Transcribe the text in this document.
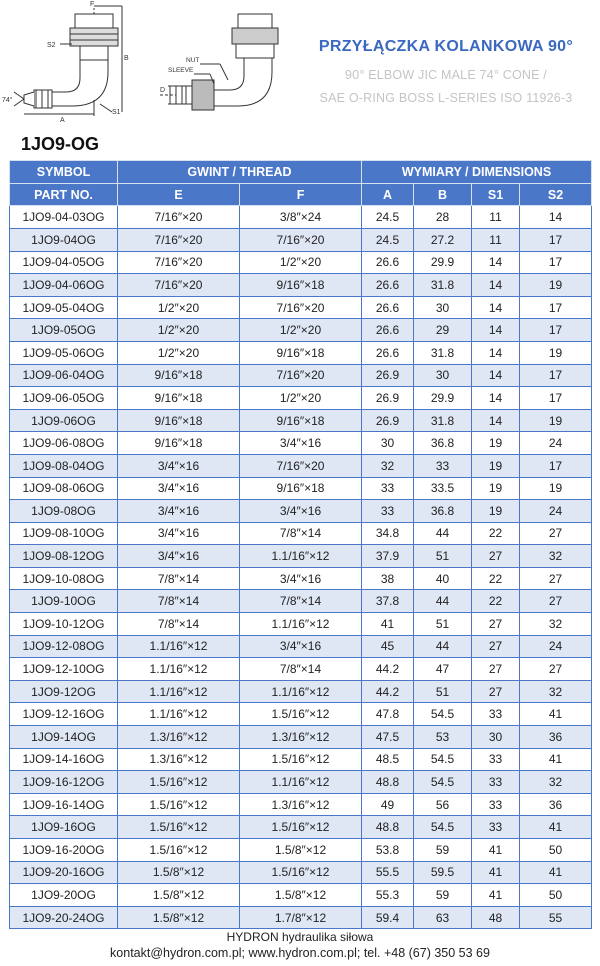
F
S2
B
A
S1
74°
NUT
SLEEVE
D
PRZYŁĄCZKA KOLANKOWA 90°
90° ELBOW JIC MALE 74° CONE /
SAE O-RING BOSS L-SERIES ISO 11926-3
1JO9-OG
SYMBOL	GWINT / THREAD		WYMIARY / DIMENSIONS			
PART NO.	E	F	A	B	S1	S2
1JO9-04-03OG	7/16″×20	3/8″×24	24.5	28	11	14
1JO9-04OG	7/16″×20	7/16″×20	24.5	27.2	11	17
1JO9-04-05OG	7/16″×20	1/2″×20	26.6	29.9	14	17
1JO9-04-06OG	7/16″×20	9/16″×18	26.6	31.8	14	19
1JO9-05-04OG	1/2″×20	7/16″×20	26.6	30	14	17
1JO9-05OG	1/2″×20	1/2″×20	26.6	29	14	17
1JO9-05-06OG	1/2″×20	9/16″×18	26.6	31.8	14	19
1JO9-06-04OG	9/16″×18	7/16″×20	26.9	30	14	17
1JO9-06-05OG	9/16″×18	1/2″×20	26.9	29.9	14	17
1JO9-06OG	9/16″×18	9/16″×18	26.9	31.8	14	19
1JO9-06-08OG	9/16″×18	3/4″×16	30	36.8	19	24
1JO9-08-04OG	3/4″×16	7/16″×20	32	33	19	17
1JO9-08-06OG	3/4″×16	9/16″×18	33	33.5	19	19
1JO9-08OG	3/4″×16	3/4″×16	33	36.8	19	24
1JO9-08-10OG	3/4″×16	7/8″×14	34.8	44	22	27
1JO9-08-12OG	3/4″×16	1.1/16″×12	37.9	51	27	32
1JO9-10-08OG	7/8″×14	3/4″×16	38	40	22	27
1JO9-10OG	7/8″×14	7/8″×14	37.8	44	22	27
1JO9-10-12OG	7/8″×14	1.1/16″×12	41	51	27	32
1JO9-12-08OG	1.1/16″×12	3/4″×16	45	44	27	24
1JO9-12-10OG	1.1/16″×12	7/8″×14	44.2	47	27	27
1JO9-12OG	1.1/16″×12	1.1/16″×12	44.2	51	27	32
1JO9-12-16OG	1.1/16″×12	1.5/16″×12	47.8	54.5	33	41
1JO9-14OG	1.3/16″×12	1.3/16″×12	47.5	53	30	36
1JO9-14-16OG	1.3/16″×12	1.5/16″×12	48.5	54.5	33	41
1JO9-16-12OG	1.5/16″×12	1.1/16″×12	48.8	54.5	33	32
1JO9-16-14OG	1.5/16″×12	1.3/16″×12	49	56	33	36
1JO9-16OG	1.5/16″×12	1.5/16″×12	48.8	54.5	33	41
1JO9-16-20OG	1.5/16″×12	1.5/8″×12	53.8	59	41	50
1JO9-20-16OG	1.5/8″×12	1.5/16″×12	55.5	59.5	41	41
1JO9-20OG	1.5/8″×12	1.5/8″×12	55.3	59	41	50
1JO9-20-24OG	1.5/8″×12	1.7/8″×12	59.4	63	48	55
HYDRON hydraulika siłowa
kontakt@hydron.com.pl; www.hydron.com.pl; tel. +48 (67) 350 53 69
